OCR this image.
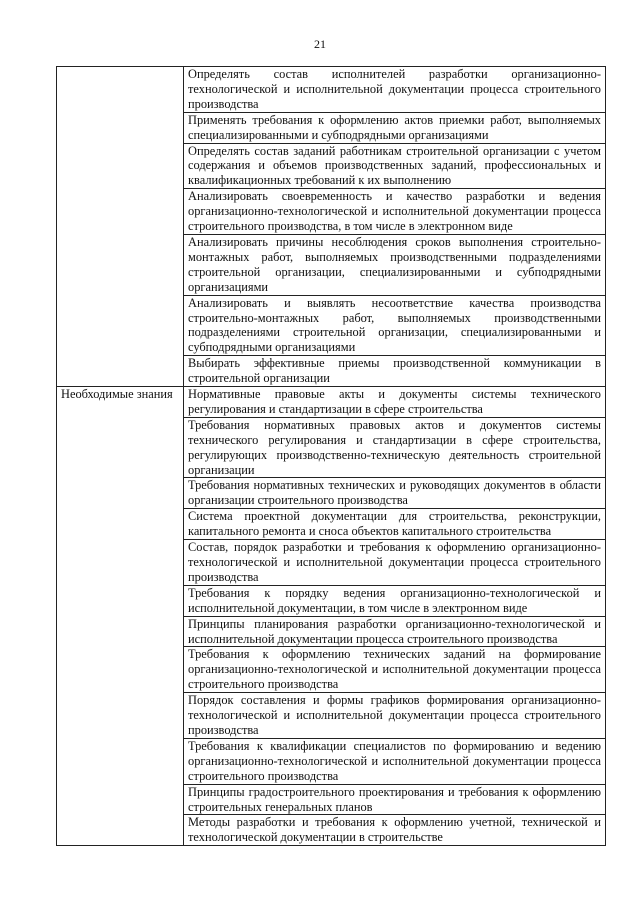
21

	Определять состав исполнителей разработки организационно-технологической и исполнительной документации процесса строительного производства

	Применять требования к оформлению актов приемки работ, выполняемых специализированными и субподрядными организациями

	Определять состав заданий работникам строительной организации с учетом содержания и объемов производственных заданий, профессиональных и квалификационных требований к их выполнению

	Анализировать своевременность и качество разработки и ведения организационно-технологической и исполнительной документации процесса строительного производства, в том числе в электронном виде

	Анализировать причины несоблюдения сроков выполнения строительно-монтажных работ, выполняемых производственными подразделениями строительной организации, специализированными и субподрядными организациями

	Анализировать и выявлять несоответствие качества производства строительно-монтажных работ, выполняемых производственными подразделениями строительной организации, специализированными и субподрядными организациями

	Выбирать эффективные приемы производственной коммуникации в строительной организации

Необходимые знания	Нормативные правовые акты и документы системы технического регулирования и стандартизации в сфере строительства

	Требования нормативных правовых актов и документов системы технического регулирования и стандартизации в сфере строительства, регулирующих производственно-техническую деятельность строительной организации

	Требования нормативных технических и руководящих документов в области организации строительного производства

	Система проектной документации для строительства, реконструкции, капитального ремонта и сноса объектов капитального строительства

	Состав, порядок разработки и требования к оформлению организационно-технологической и исполнительной документации процесса строительного производства

	Требования к порядку ведения организационно-технологической и исполнительной документации, в том числе в электронном виде

	Принципы планирования разработки организационно-технологической и исполнительной документации процесса строительного производства

	Требования к оформлению технических заданий на формирование организационно-технологической и исполнительной документации процесса строительного производства

	Порядок составления и формы графиков формирования организационно-технологической и исполнительной документации процесса строительного производства

	Требования к квалификации специалистов по формированию и ведению организационно-технологической и исполнительной документации процесса строительного производства

	Принципы градостроительного проектирования и требования к оформлению строительных генеральных планов

	Методы разработки и требования к оформлению учетной, технической и технологической документации в строительстве
